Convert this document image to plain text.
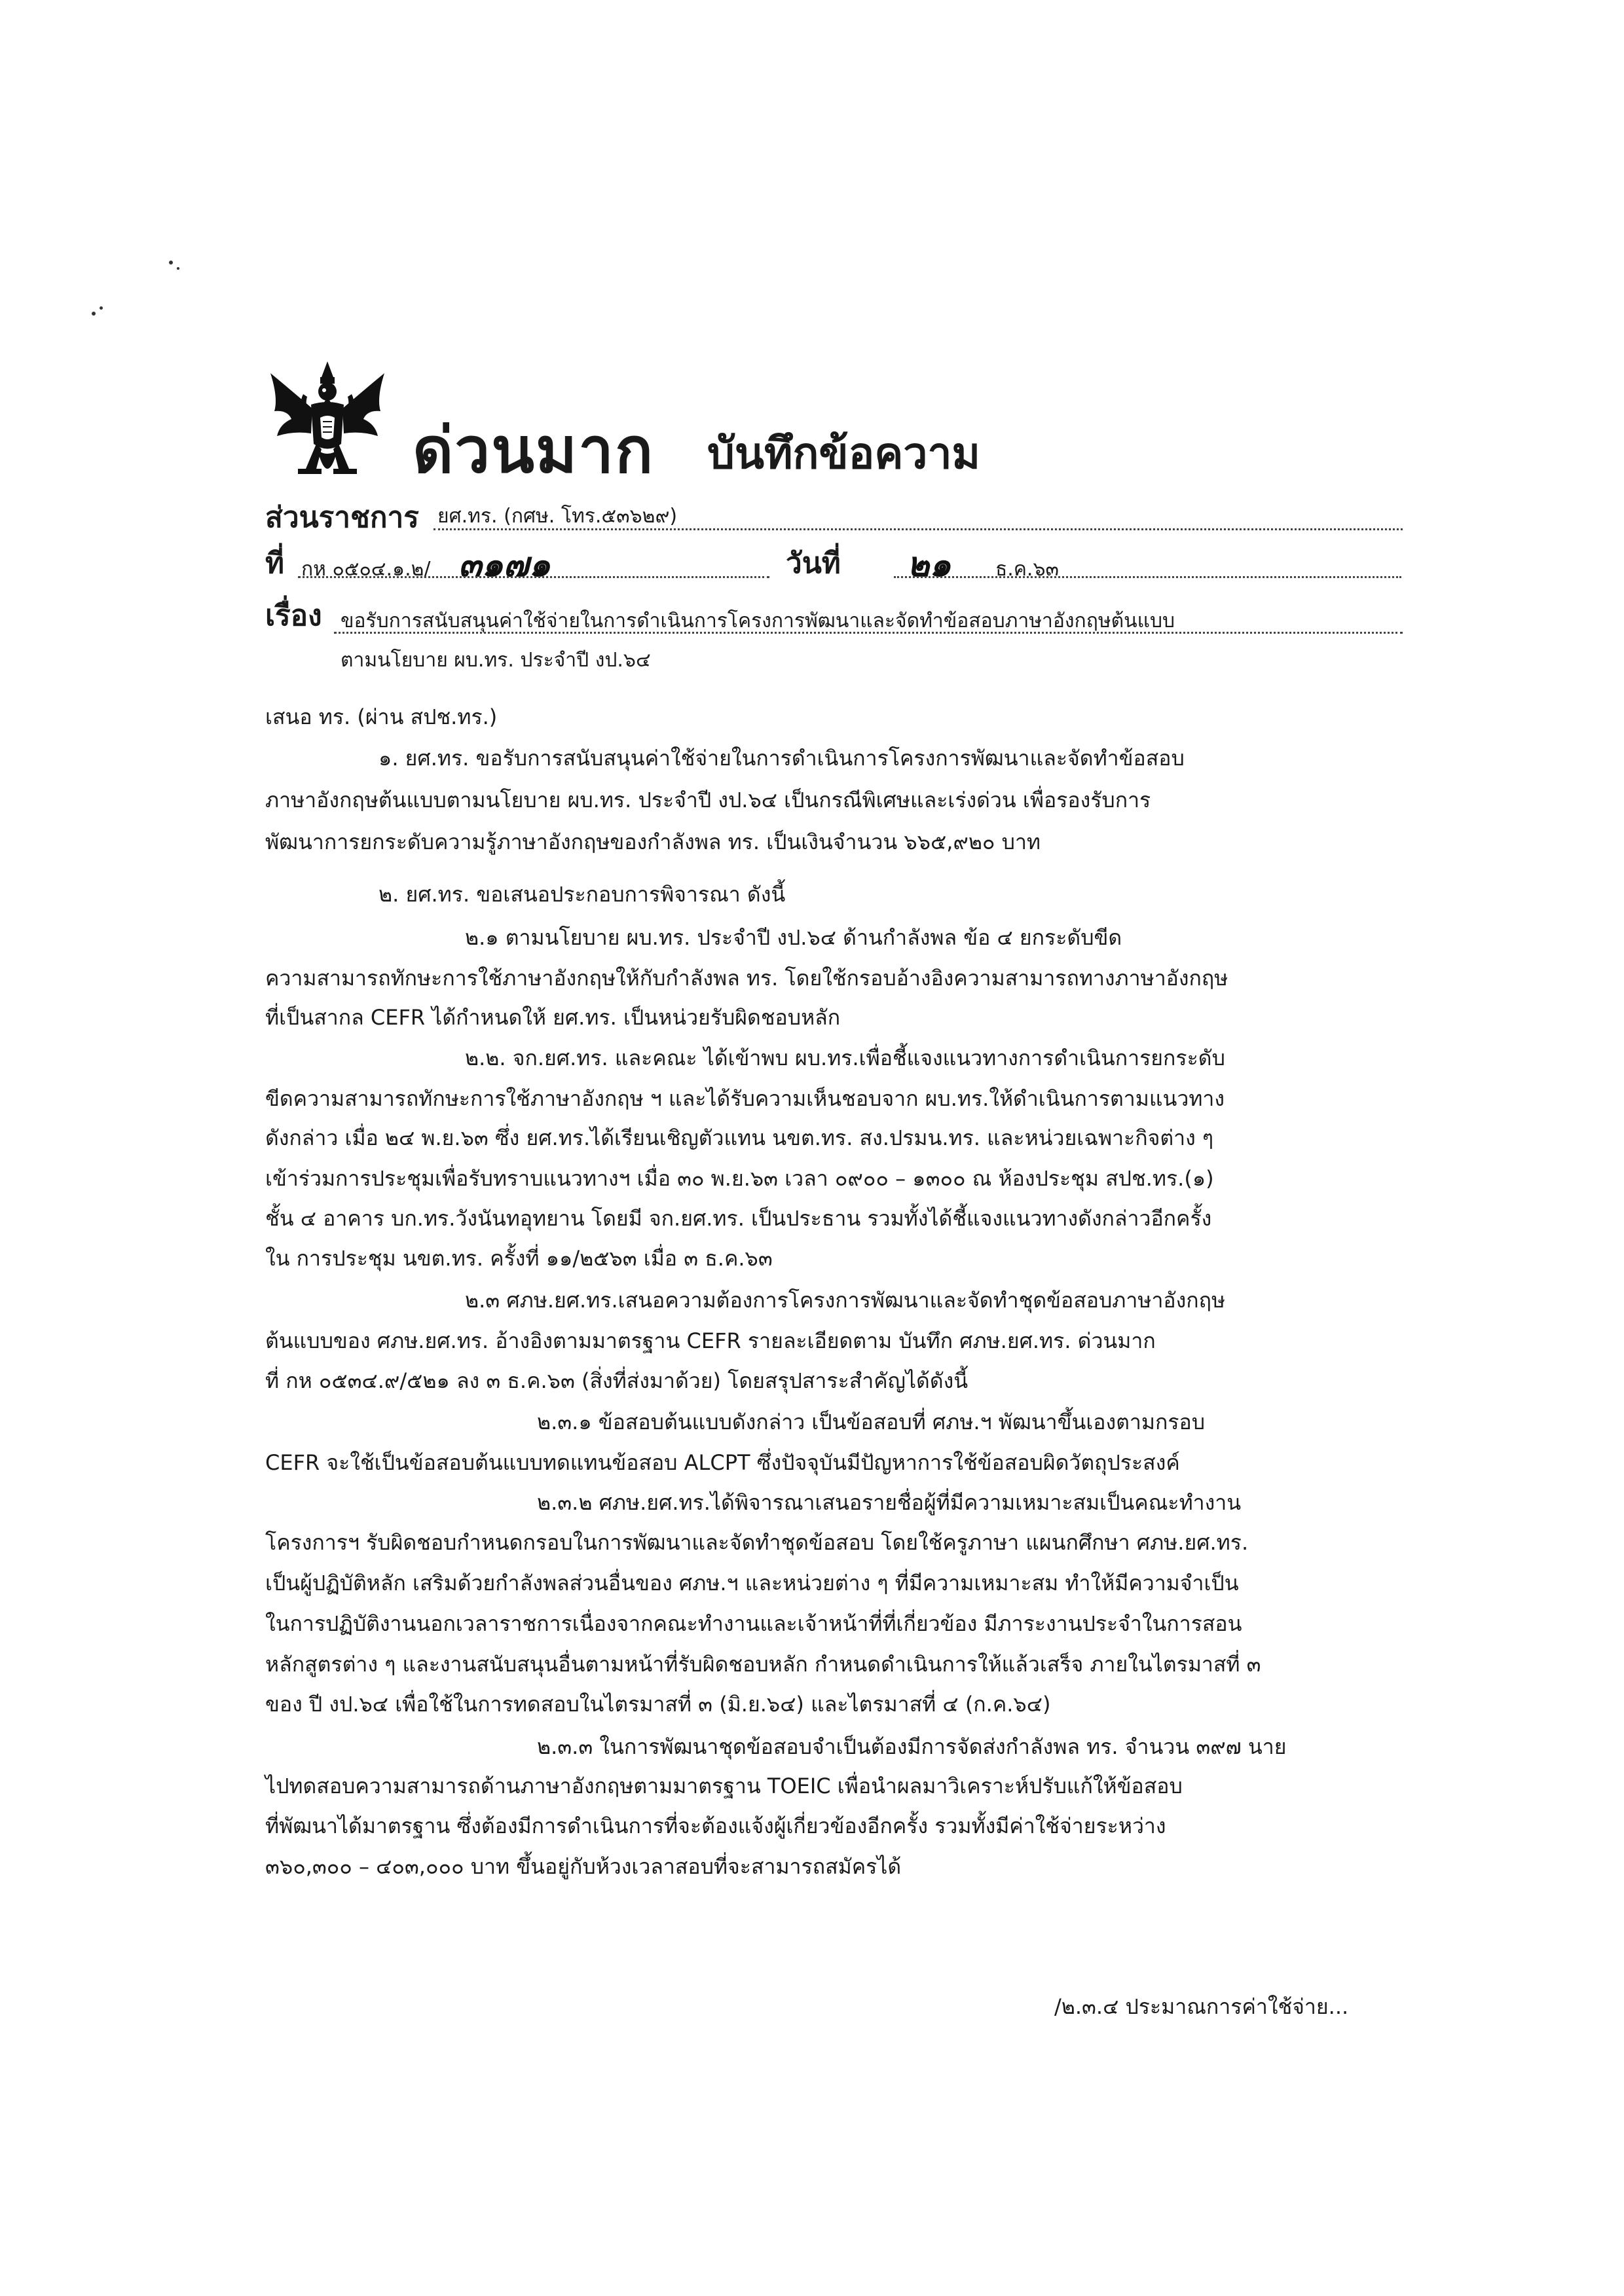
ด่วนมาก บันทึกข้อความ
ส่วนราชการ ยศ.ทร. (กศษ. โทร.๕๓๖๒๙)
ที่ กห ๐๕๐๔.๑.๒/ ๓๑๗๑	วันที่ ๒๑ ธ.ค.๖๓
เรื่อง ขอรับการสนับสนุนค่าใช้จ่ายในการดำเนินการโครงการพัฒนาและจัดทำข้อสอบภาษาอังกฤษต้นแบบ
ตามนโยบาย ผบ.ทร. ประจำปี งป.๖๔
เสนอ ทร. (ผ่าน สปช.ทร.)
๑. ยศ.ทร. ขอรับการสนับสนุนค่าใช้จ่ายในการดำเนินการโครงการพัฒนาและจัดทำข้อสอบ
ภาษาอังกฤษต้นแบบตามนโยบาย ผบ.ทร. ประจำปี งป.๖๔ เป็นกรณีพิเศษและเร่งด่วน เพื่อรองรับการ
พัฒนาการยกระดับความรู้ภาษาอังกฤษของกำลังพล ทร. เป็นเงินจำนวน ๖๖๕,๙๒๐ บาท
๒. ยศ.ทร. ขอเสนอประกอบการพิจารณา ดังนี้
๒.๑ ตามนโยบาย ผบ.ทร. ประจำปี งป.๖๔ ด้านกำลังพล ข้อ ๔ ยกระดับขีด
ความสามารถทักษะการใช้ภาษาอังกฤษให้กับกำลังพล ทร. โดยใช้กรอบอ้างอิงความสามารถทางภาษาอังกฤษ
ที่เป็นสากล CEFR ได้กำหนดให้ ยศ.ทร. เป็นหน่วยรับผิดชอบหลัก
๒.๒. จก.ยศ.ทร. และคณะ ได้เข้าพบ ผบ.ทร.เพื่อชี้แจงแนวทางการดำเนินการยกระดับ
ขีดความสามารถทักษะการใช้ภาษาอังกฤษ ฯ และได้รับความเห็นชอบจาก ผบ.ทร.ให้ดำเนินการตามแนวทาง
ดังกล่าว เมื่อ ๒๔ พ.ย.๖๓ ซึ่ง ยศ.ทร.ได้เรียนเชิญตัวแทน นขต.ทร. สง.ปรมน.ทร. และหน่วยเฉพาะกิจต่าง ๆ
เข้าร่วมการประชุมเพื่อรับทราบแนวทางฯ เมื่อ ๓๐ พ.ย.๖๓ เวลา ๐๙๐๐ – ๑๓๐๐ ณ ห้องประชุม สปช.ทร.(๑)
ชั้น ๔ อาคาร บก.ทร.วังนันทอุทยาน โดยมี จก.ยศ.ทร. เป็นประธาน รวมทั้งได้ชี้แจงแนวทางดังกล่าวอีกครั้ง
ใน การประชุม นขต.ทร. ครั้งที่ ๑๑/๒๕๖๓ เมื่อ ๓ ธ.ค.๖๓
๒.๓ ศภษ.ยศ.ทร.เสนอความต้องการโครงการพัฒนาและจัดทำชุดข้อสอบภาษาอังกฤษ
ต้นแบบของ ศภษ.ยศ.ทร. อ้างอิงตามมาตรฐาน CEFR รายละเอียดตาม บันทึก ศภษ.ยศ.ทร. ด่วนมาก
ที่ กห ๐๕๓๔.๙/๕๒๑ ลง ๓ ธ.ค.๖๓ (สิ่งที่ส่งมาด้วย) โดยสรุปสาระสำคัญได้ดังนี้
๒.๓.๑ ข้อสอบต้นแบบดังกล่าว เป็นข้อสอบที่ ศภษ.ฯ พัฒนาขึ้นเองตามกรอบ
CEFR จะใช้เป็นข้อสอบต้นแบบทดแทนข้อสอบ ALCPT ซึ่งปัจจุบันมีปัญหาการใช้ข้อสอบผิดวัตถุประสงค์
๒.๓.๒ ศภษ.ยศ.ทร.ได้พิจารณาเสนอรายชื่อผู้ที่มีความเหมาะสมเป็นคณะทำงาน
โครงการฯ รับผิดชอบกำหนดกรอบในการพัฒนาและจัดทำชุดข้อสอบ โดยใช้ครูภาษา แผนกศึกษา ศภษ.ยศ.ทร.
เป็นผู้ปฏิบัติหลัก เสริมด้วยกำลังพลส่วนอื่นของ ศภษ.ฯ และหน่วยต่าง ๆ ที่มีความเหมาะสม ทำให้มีความจำเป็น
ในการปฏิบัติงานนอกเวลาราชการเนื่องจากคณะทำงานและเจ้าหน้าที่ที่เกี่ยวข้อง มีภาระงานประจำในการสอน
หลักสูตรต่าง ๆ และงานสนับสนุนอื่นตามหน้าที่รับผิดชอบหลัก กำหนดดำเนินการให้แล้วเสร็จ ภายในไตรมาสที่ ๓
ของ ปี งป.๖๔ เพื่อใช้ในการทดสอบในไตรมาสที่ ๓ (มิ.ย.๖๔) และไตรมาสที่ ๔ (ก.ค.๖๔)
๒.๓.๓ ในการพัฒนาชุดข้อสอบจำเป็นต้องมีการจัดส่งกำลังพล ทร. จำนวน ๓๙๗ นาย
ไปทดสอบความสามารถด้านภาษาอังกฤษตามมาตรฐาน TOEIC เพื่อนำผลมาวิเคราะห์ปรับแก้ให้ข้อสอบ
ที่พัฒนาได้มาตรฐาน ซึ่งต้องมีการดำเนินการที่จะต้องแจ้งผู้เกี่ยวข้องอีกครั้ง รวมทั้งมีค่าใช้จ่ายระหว่าง
๓๖๐,๓๐๐ – ๔๐๓,๐๐๐ บาท ขึ้นอยู่กับห้วงเวลาสอบที่จะสามารถสมัครได้
/๒.๓.๔ ประมาณการค่าใช้จ่าย...
